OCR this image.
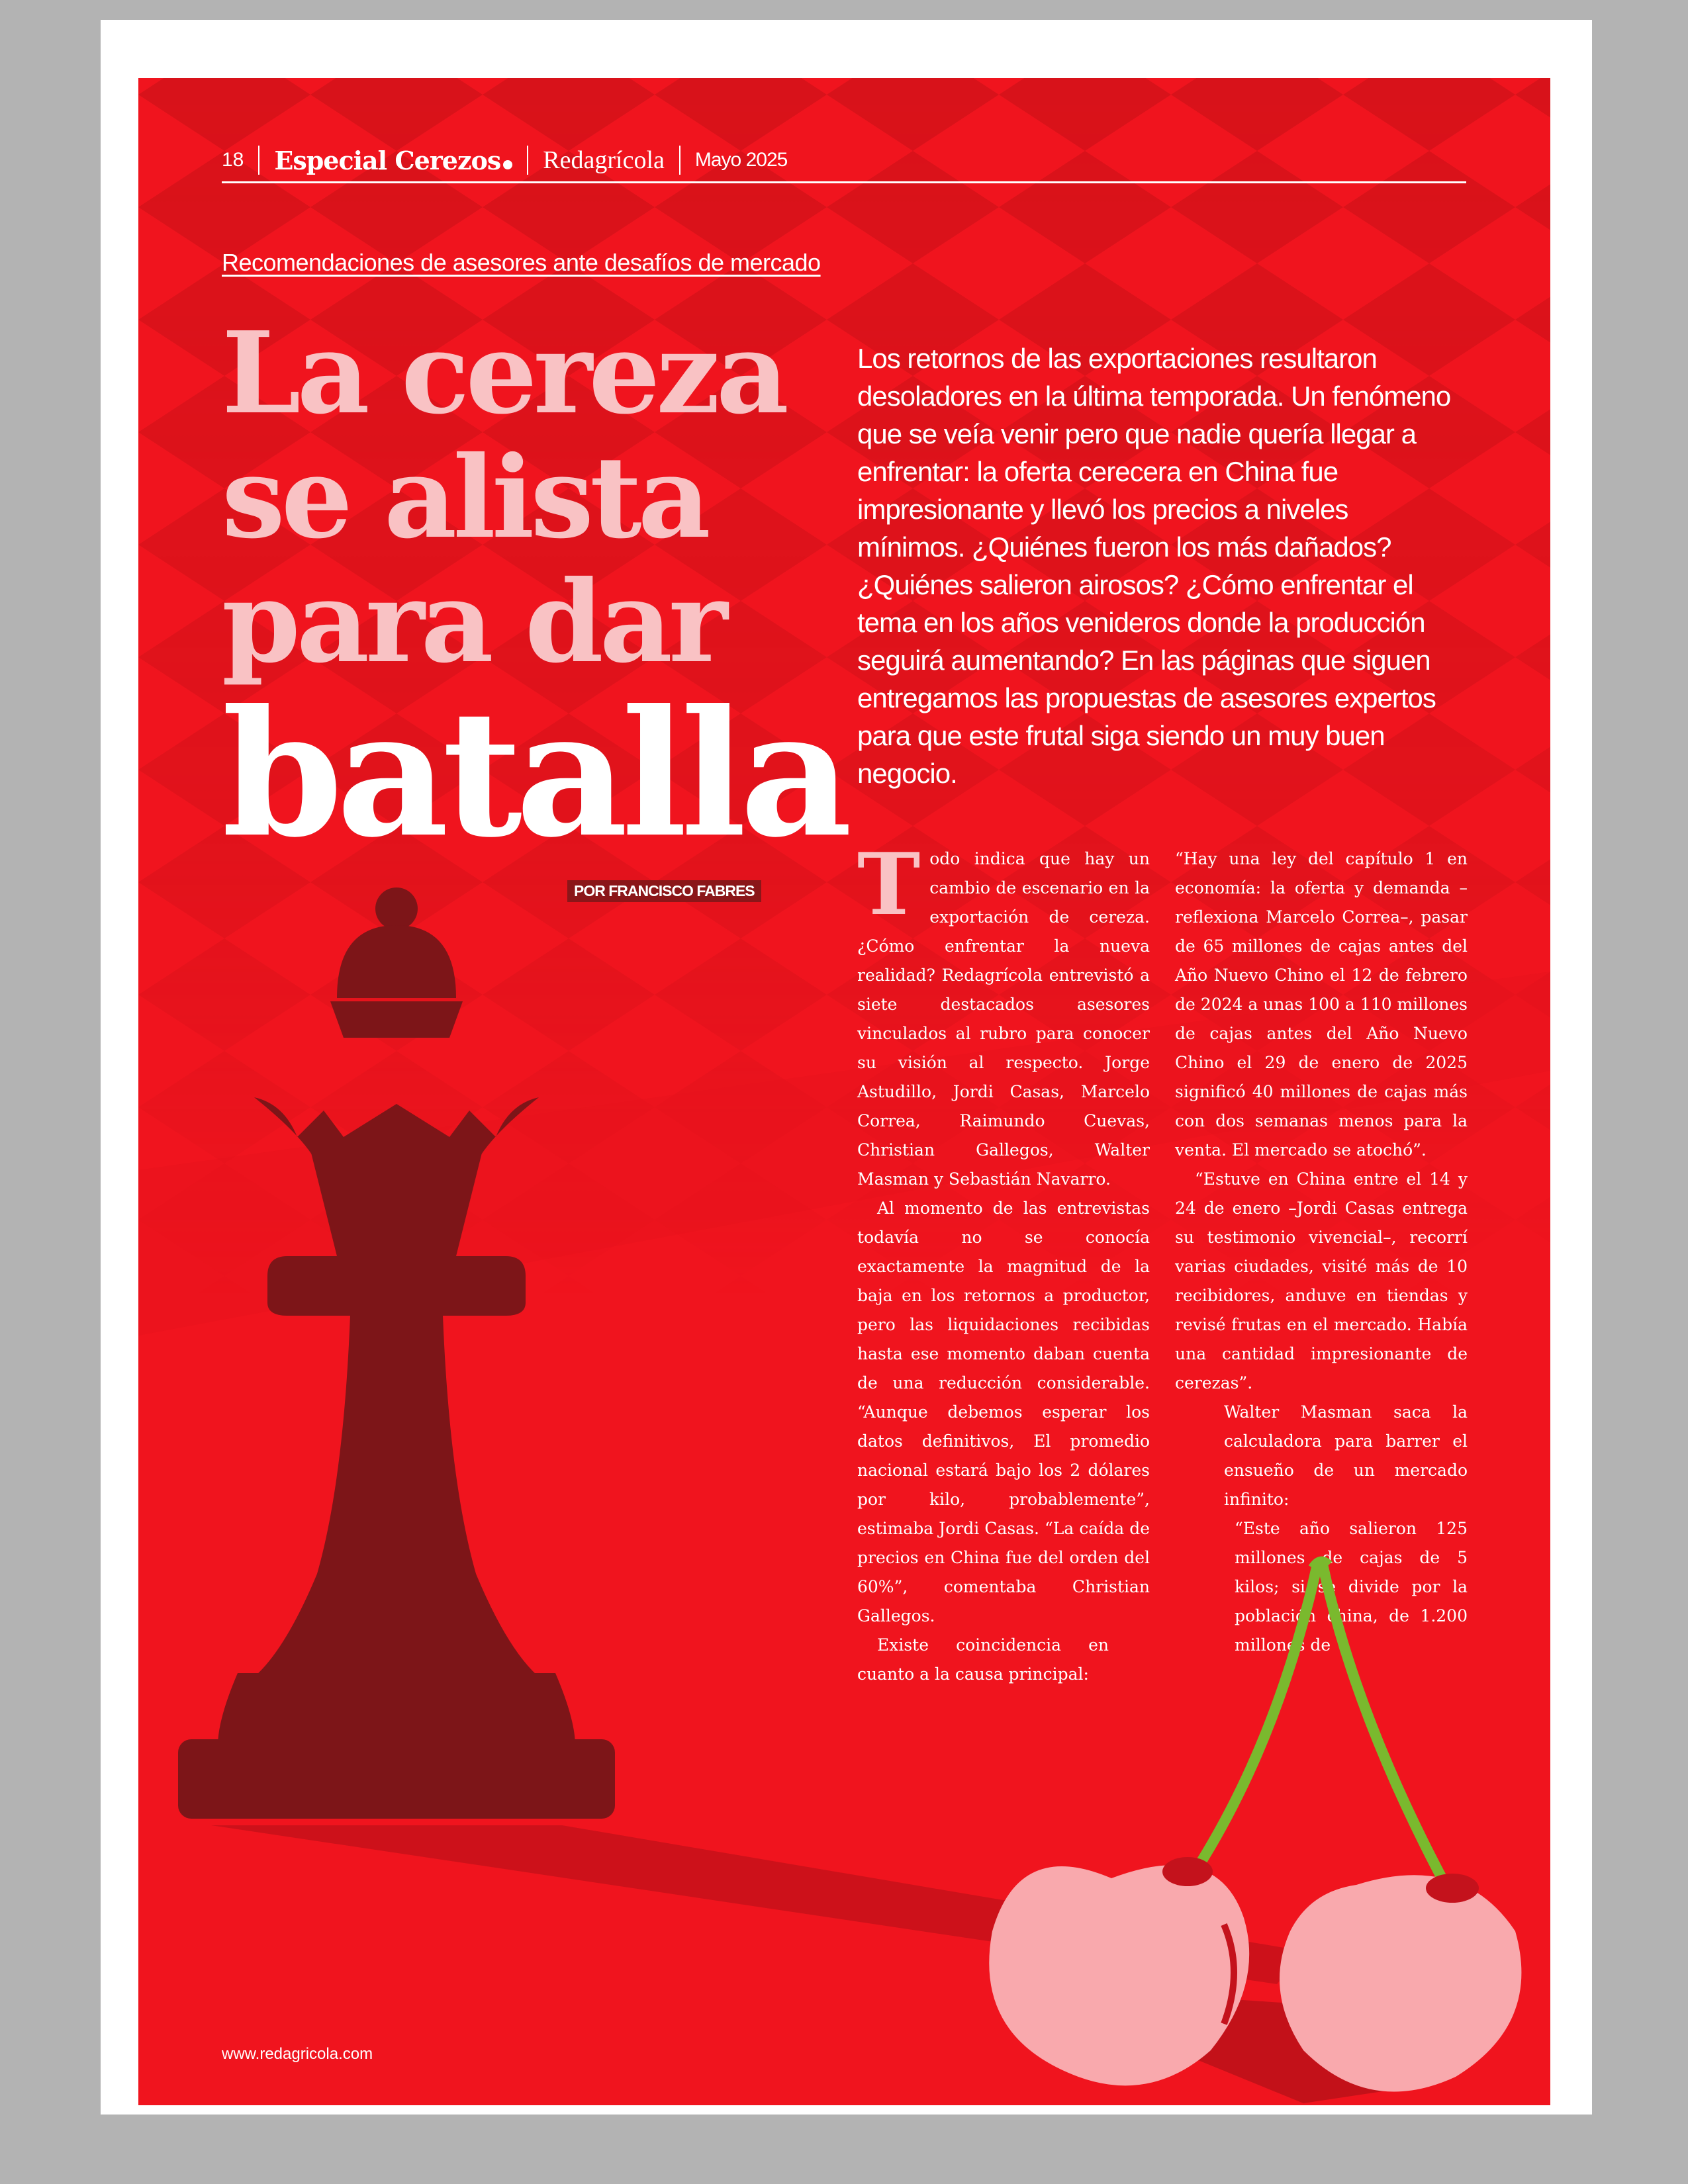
18 Especial Cerezos	Redagrícola Mayo 2025
Recomendaciones de asesores ante desafíos de mercado
La cereza
se alista
para dar
batalla
POR FRANCISCO FABRES
Los retornos de las exportaciones resultaron desoladores en la última temporada. Un fenómeno que se veía venir pero que nadie quería llegar a enfrentar: la oferta cerecera en China fue impresionante y llevó los precios a niveles mínimos. ¿Quiénes fueron los más dañados? ¿Quiénes salieron airosos? ¿Cómo enfrentar el tema en los años venideros donde la producción seguirá aumentando? En las páginas que siguen entregamos las propuestas de asesores expertos para que este frutal siga siendo un muy buen negocio.

Todo indica que hay un cambio de escenario en la exportación de cereza. ¿Cómo enfrentar la nueva realidad? Redagrícola entrevistó a siete destacados asesores vinculados al rubro para conocer su visión al respecto. Jorge Astudillo, Jordi Casas, Marcelo Correa, Raimundo Cuevas, Christian Gallegos, Walter Masman y Sebastián Navarro.

Al momento de las entrevistas todavía no se conocía exactamente la magnitud de la baja en los retornos a productor, pero las liquidaciones recibidas hasta ese momento daban cuenta de una reducción considerable. “Aunque debemos esperar los datos definitivos, El promedio nacional estará bajo los 2 dólares por kilo, probablemente”, estimaba Jordi Casas. “La caída de precios en China fue del orden del 60%”, comentaba Christian Gallegos.

Existe coincidencia en cuanto a la causa principal:

“Hay una ley del capítulo 1 en economía: la oferta y demanda –reflexiona Marcelo Correa–, pasar de 65 millones de cajas antes del Año Nuevo Chino el 12 de febrero de 2024 a unas 100 a 110 millones de cajas antes del Año Nuevo Chino el 29 de enero de 2025 significó 40 millones de cajas más con dos semanas menos para la venta. El mercado se atochó”.

“Estuve en China entre el 14 y 24 de enero –Jordi Casas entrega su testimonio vivencial–, recorrí varias ciudades, visité más de 10 recibidores, anduve en tiendas y revisé frutas en el mercado. Había una cantidad impresionante de cerezas”.

Walter Masman saca la calculadora para barrer el ensueño de un mercado infinito:

“Este año salieron 125 millones de cajas de 5 kilos; si se divide por la población china, de 1.200 millones de

www.redagricola.com
